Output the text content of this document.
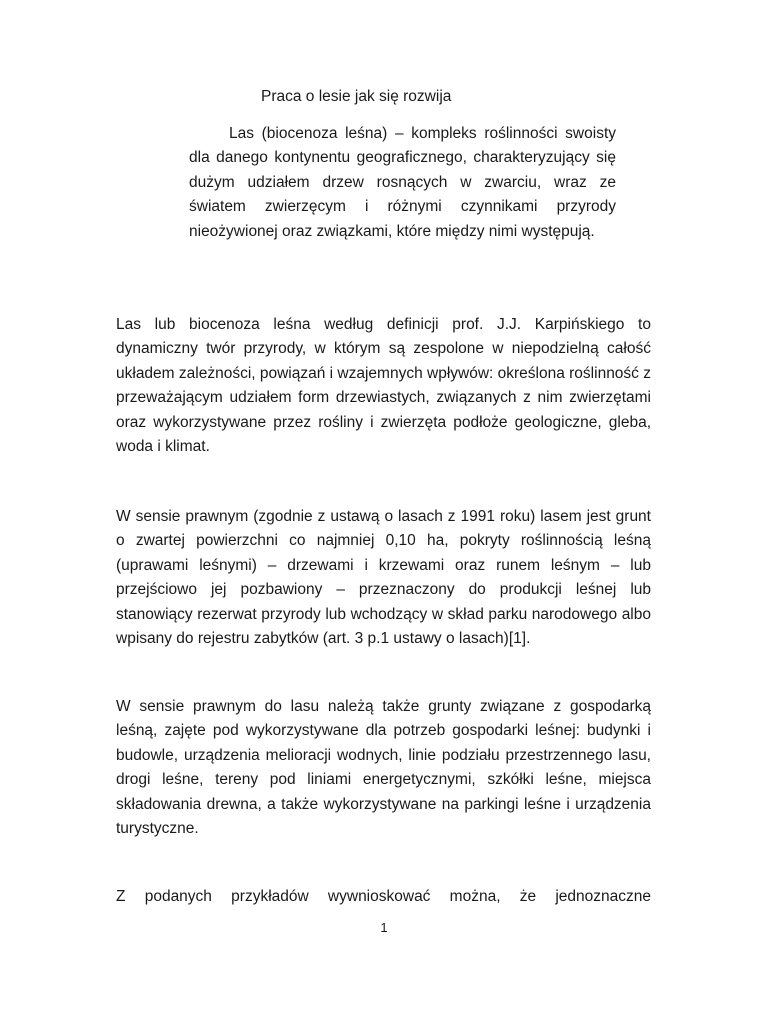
Praca o lesie jak się rozwija

Las (biocenoza leśna) – kompleks roślinności swoisty dla danego kontynentu geograficznego, charakteryzujący się dużym udziałem drzew rosnących w zwarciu, wraz ze światem zwierzęcym i różnymi czynnikami przyrody nieożywionej oraz związkami, które między nimi występują.

Las lub biocenoza leśna według definicji prof. J.J. Karpińskiego to dynamiczny twór przyrody, w którym są zespolone w niepodzielną całość układem zależności, powiązań i wzajemnych wpływów: określona roślinność z przeważającym udziałem form drzewiastych, związanych z nim zwierzętami oraz wykorzystywane przez rośliny i zwierzęta podłoże geologiczne, gleba, woda i klimat.

W sensie prawnym (zgodnie z ustawą o lasach z 1991 roku) lasem jest grunt o zwartej powierzchni co najmniej 0,10 ha, pokryty roślinnością leśną (uprawami leśnymi) – drzewami i krzewami oraz runem leśnym – lub przejściowo jej pozbawiony – przeznaczony do produkcji leśnej lub stanowiący rezerwat przyrody lub wchodzący w skład parku narodowego albo wpisany do rejestru zabytków (art. 3 p.1 ustawy o lasach)[1].

W sensie prawnym do lasu należą także grunty związane z gospodarką leśną, zajęte pod wykorzystywane dla potrzeb gospodarki leśnej: budynki i budowle, urządzenia melioracji wodnych, linie podziału przestrzennego lasu, drogi leśne, tereny pod liniami energetycznymi, szkółki leśne, miejsca składowania drewna, a także wykorzystywane na parkingi leśne i urządzenia turystyczne.

Z podanych przykładów wywnioskować można, że jednoznaczne

1
